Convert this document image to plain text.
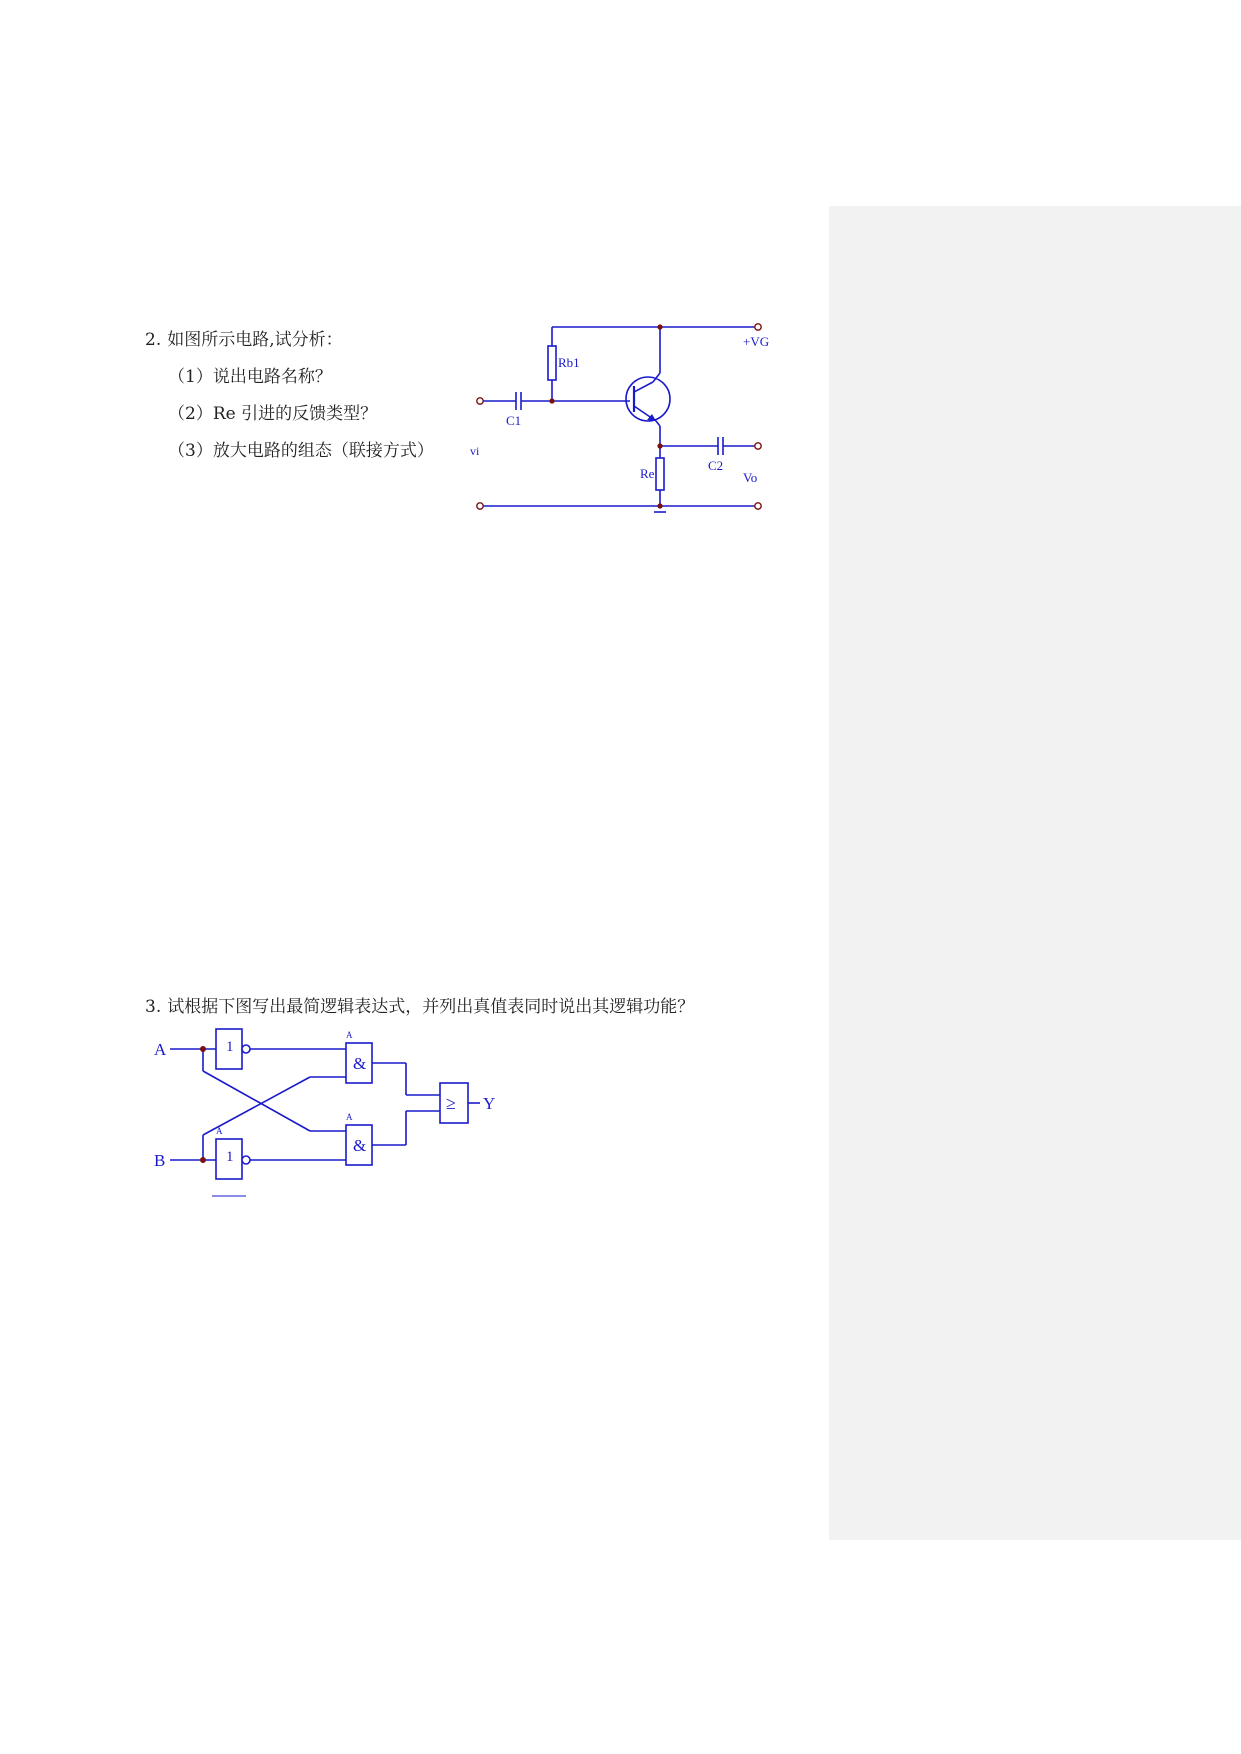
2. 如图所示电路,试分析：
（1）说出电路名称？
（2）Re 引进的反馈类型？
（3）放大电路的组态（联接方式）
+VG
Rb1
C1
vi
C2
Re	Vo
3. 试根据下图写出最简逻辑表达式，并列出真值表同时说出其逻辑功能？
1
1
&
&
≥
A
A
A
A
B
Y
